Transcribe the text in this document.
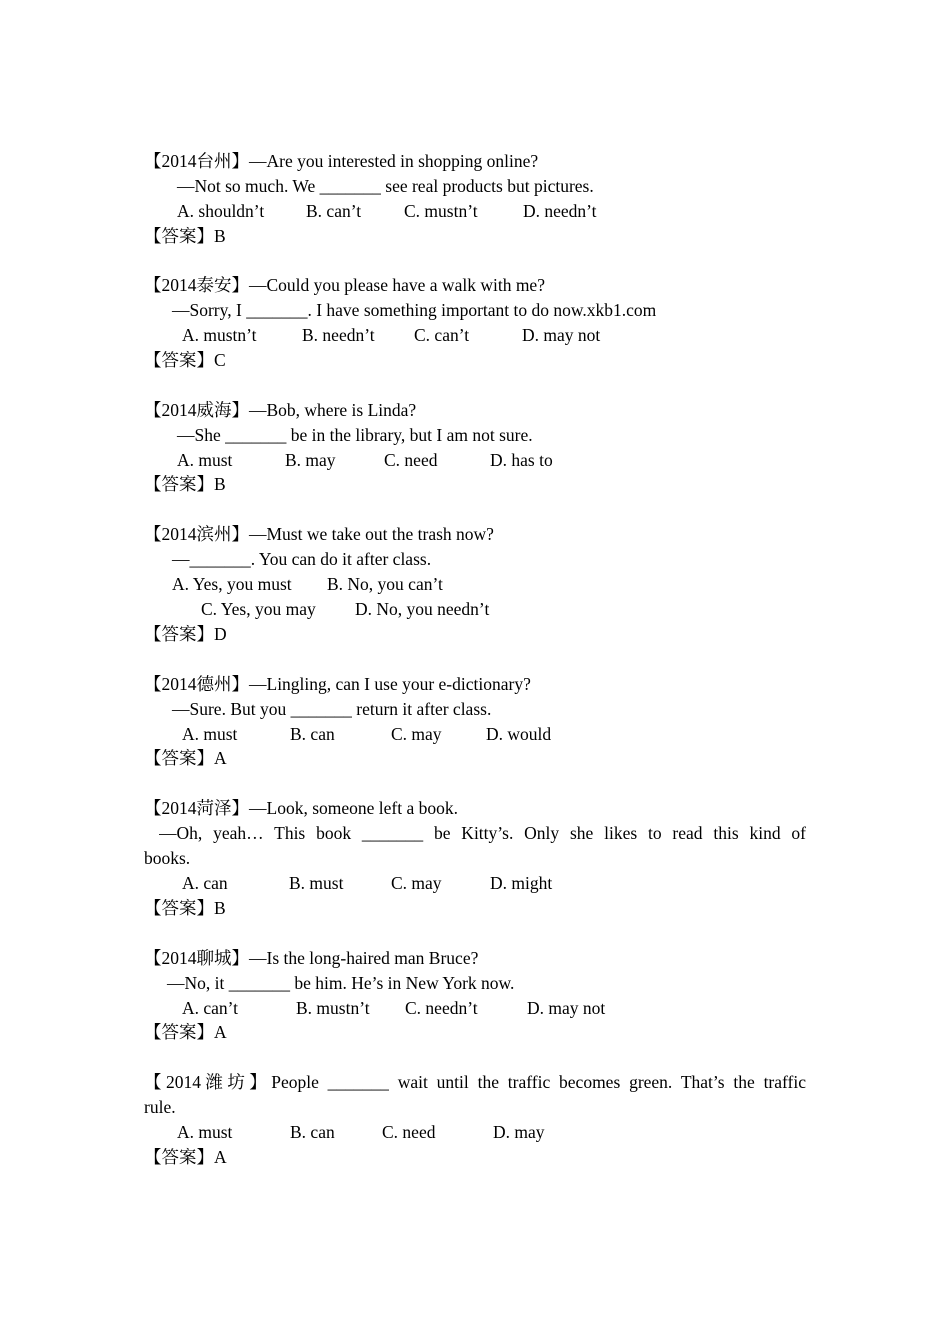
【2014台州】—Are you interested in shopping online?
—Not so much. We _______ see real products but pictures.
A. shouldn’t B. can’t C. mustn’t	D. needn’t
【答案】B
【2014泰安】—Could you please have a walk with me?
—Sorry, I _______. I have something important to do now.xkb1.com
A. mustn’t	B. needn’t C. can’t	D. may not
【答案】C
【2014威海】—Bob, where is Linda?
—She _______ be in the library, but I am not sure.
A. must	B. may	C. need	D. has to
【答案】B
【2014滨州】—Must we take out the trash now?
—_______. You can do it after class.
A. Yes, you must B. No, you can’t
C. Yes, you may D. No, you needn’t
【答案】D
【2014德州】—Lingling, can I use your e-dictionary?
—Sure. But you _______ return it after class.
A. must	B. can	C. may	D. would
【答案】A
【2014菏泽】—Look, someone left a book.
—Oh, yeah… This book _______ be Kitty’s. Only she likes to read this kind of
books.
A. can	B. must	C. may	D. might
【答案】B
【2014聊城】—Is the long-haired man Bruce?
—No, it _______ be him. He’s in New York now.
A. can’t	B. mustn’t C. needn’t	D. may not
【答案】A
【2014潍坊】People _______ wait until the traffic becomes green. That’s the traffic
rule.
A. must	B. can	C. need	D. may
【答案】A
